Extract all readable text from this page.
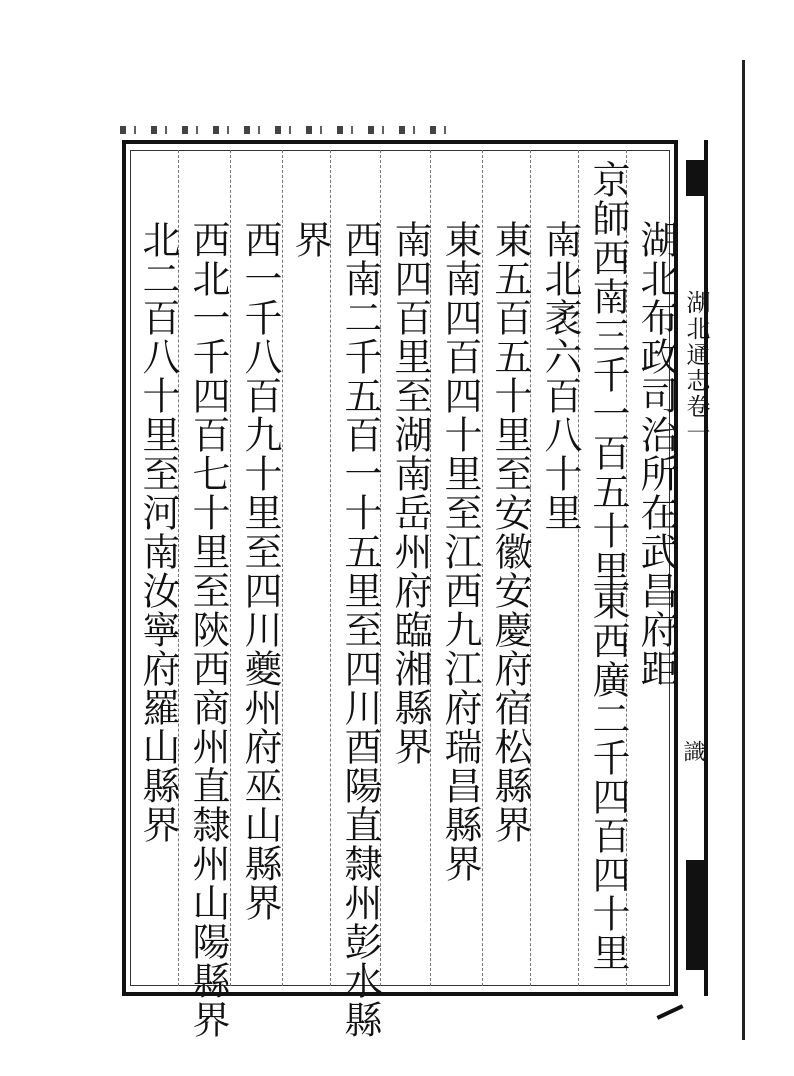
湖北通志卷一
識
湖北布政司治所在武昌府距
京師西南三千一百五十里
東西廣二千四百四十里
南北袤六百八十里
東五百五十里至安徽安慶府宿松縣界
東南四百四十里至江西九江府瑞昌縣界
南四百里至湖南岳州府臨湘縣界
西南二千五百一十五里至四川酉陽直隸州彭水縣
界
西一千八百九十里至四川夔州府巫山縣界
西北一千四百七十里至陝西商州直隸州山陽縣界
北二百八十里至河南汝寧府羅山縣界
